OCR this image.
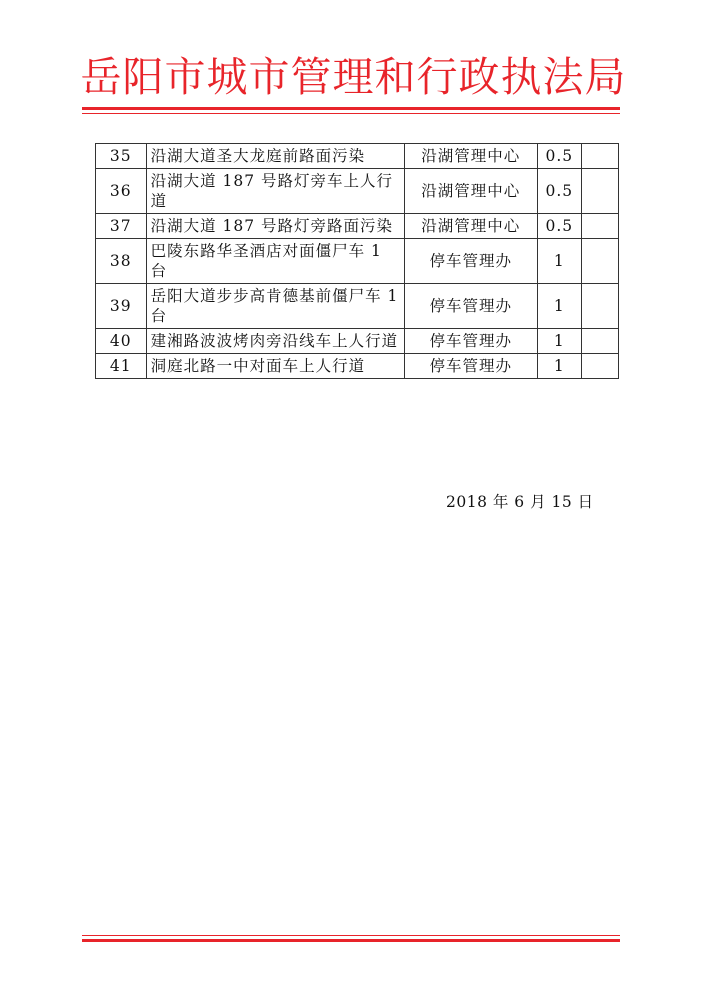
岳阳市城市管理和行政执法局
35	沿湖大道圣大龙庭前路面污染	沿湖管理中心	0.5	
36	沿湖大道 187 号路灯旁车上人行道	沿湖管理中心	0.5	
37	沿湖大道 187 号路灯旁路面污染	沿湖管理中心	0.5	
38	巴陵东路华圣酒店对面僵尸车 1 台	停车管理办	1	
39	岳阳大道步步高肯德基前僵尸车 1 台	停车管理办	1	
40	建湘路波波烤肉旁沿线车上人行道	停车管理办	1	
41	洞庭北路一中对面车上人行道	停车管理办	1	
2018 年 6 月 15 日
